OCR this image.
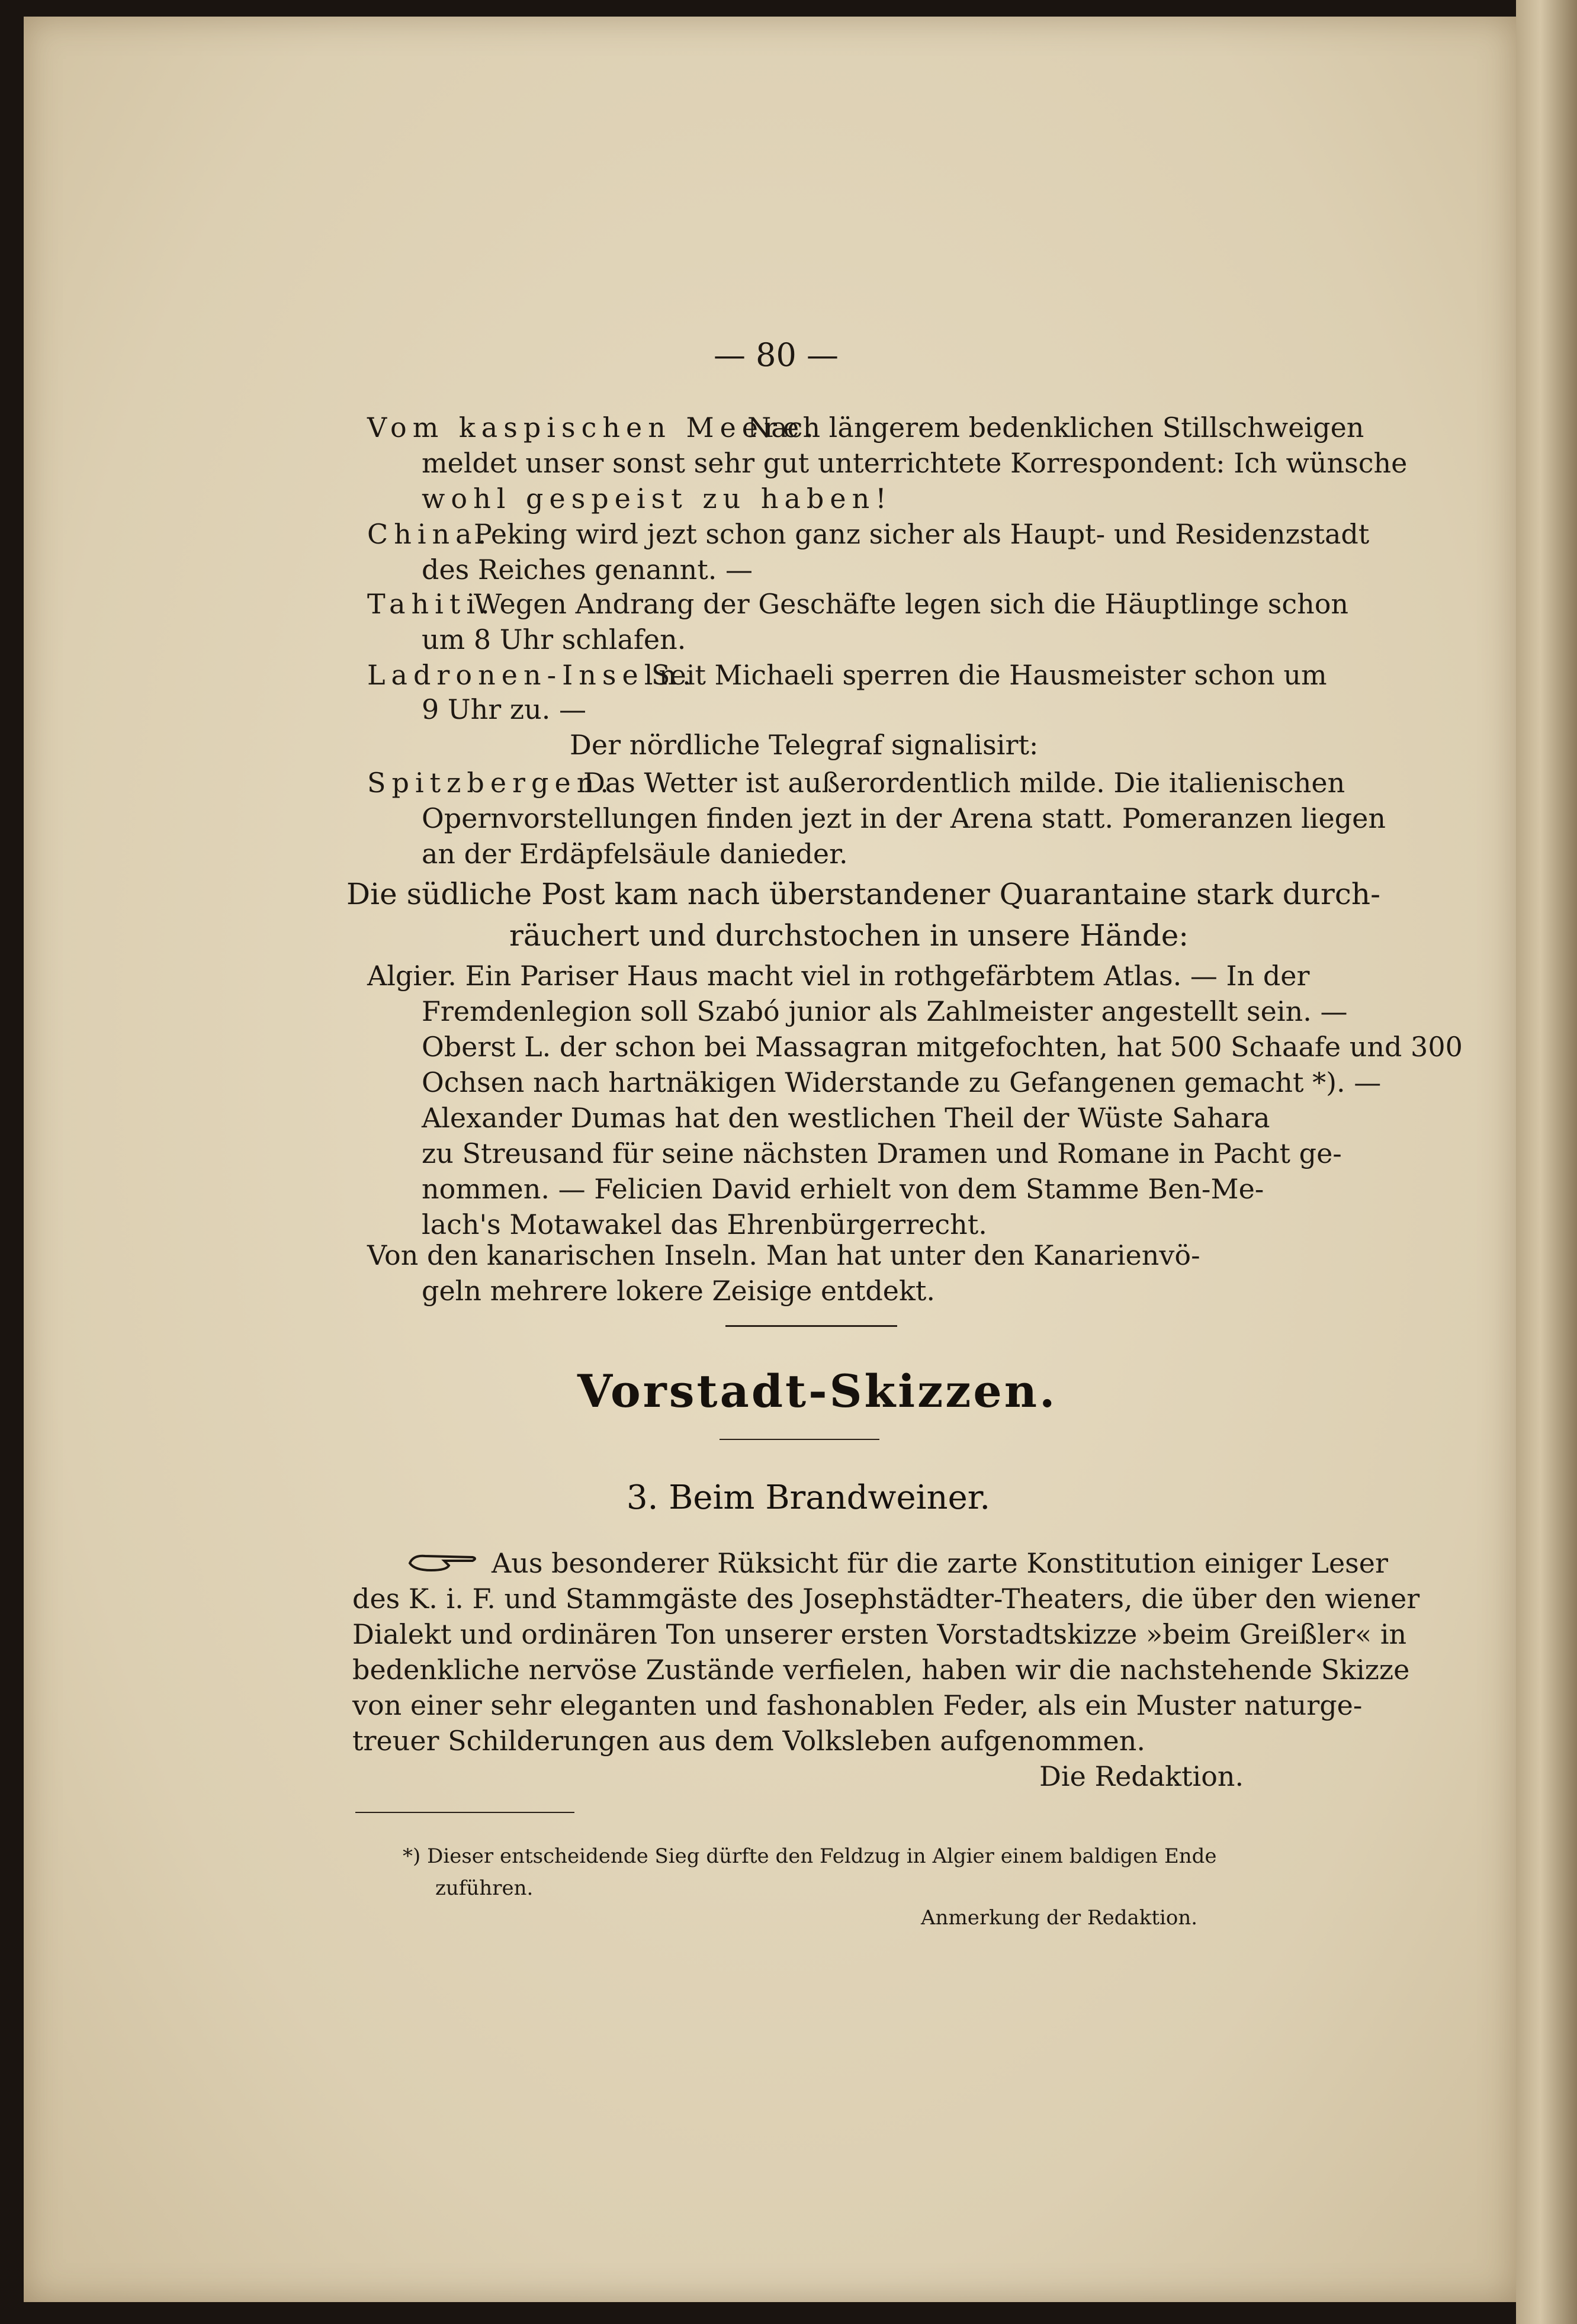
— 80 —
Vom kaspischen Meere.
Nach längerem bedenklichen Stillschweigen
meldet unser sonst sehr gut unterrichtete Korrespondent: Ich wünsche
wohl gespeist zu haben!
China.
Peking wird jezt schon ganz sicher als Haupt- und Residenzstadt
des Reiches genannt. —
Tahiti.
Wegen Andrang der Geschäfte legen sich die Häuptlinge schon
um 8 Uhr schlafen.
Ladronen-Inseln.
Seit Michaeli sperren die Hausmeister schon um
9 Uhr zu. —
Der nördliche Telegraf signalisirt:
Spitzbergen.
Das Wetter ist außerordentlich milde. Die italienischen
Opernvorstellungen finden jezt in der Arena statt. Pomeranzen liegen
an der Erdäpfelsäule danieder.
Die südliche Post kam nach überstandener Quarantaine stark durch-
räuchert und durchstochen in unsere Hände:
Algier. Ein Pariser Haus macht viel in rothgefärbtem Atlas. — In der
Fremdenlegion soll Szabó junior als Zahlmeister angestellt sein. —
Oberst L. der schon bei Massagran mitgefochten, hat 500 Schaafe und 300
Ochsen nach hartnäkigen Widerstande zu Gefangenen gemacht *). —
Alexander Dumas hat den westlichen Theil der Wüste Sahara
zu Streusand für seine nächsten Dramen und Romane in Pacht ge-
nommen. — Felicien David erhielt von dem Stamme Ben-Me-
lach's Motawakel das Ehrenbürgerrecht.
Von den kanarischen Inseln. Man hat unter den Kanarienvö-
geln mehrere lokere Zeisige entdekt.
Vorstadt-Skizzen.
3. Beim Brandweiner.
Aus besonderer Rüksicht für die zarte Konstitution einiger Leser
des K. i. F. und Stammgäste des Josephstädter-Theaters, die über den wiener
Dialekt und ordinären Ton unserer ersten Vorstadtskizze »beim Greißler« in
bedenkliche nervöse Zustände verfielen, haben wir die nachstehende Skizze
von einer sehr eleganten und fashonablen Feder, als ein Muster naturge-
treuer Schilderungen aus dem Volksleben aufgenommen.
Die Redaktion.
*) Dieser entscheidende Sieg dürfte den Feldzug in Algier einem baldigen Ende
zuführen.
Anmerkung der Redaktion.
